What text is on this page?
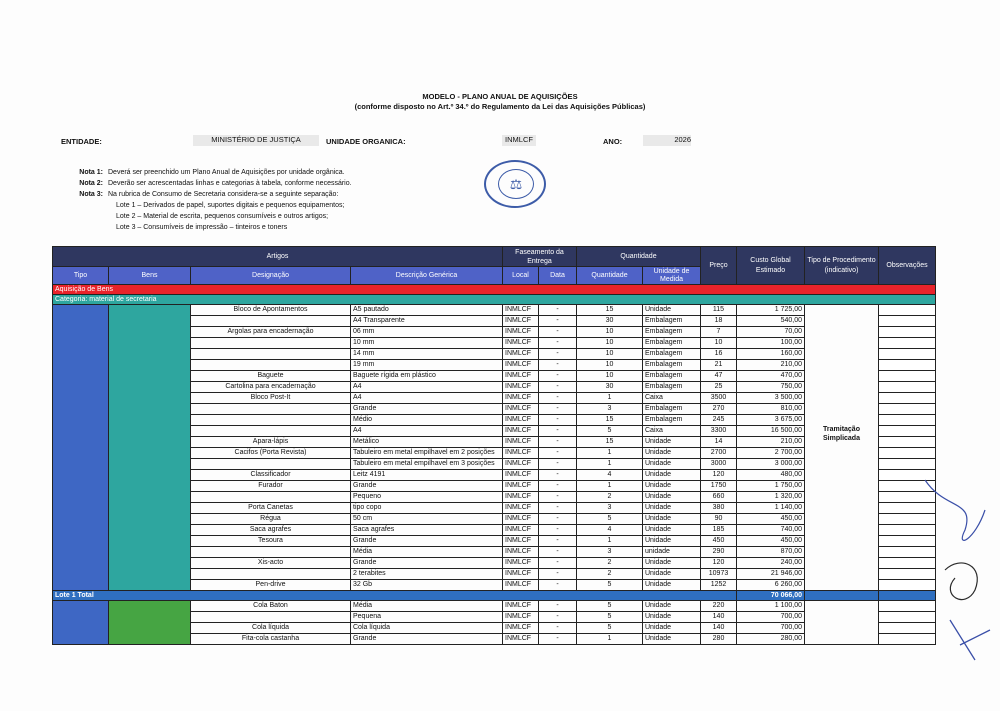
MODELO - PLANO ANUAL DE AQUISIÇÕES
(conforme disposto no Art.º 34.º do Regulamento da Lei das Aquisições Públicas)
ENTIDADE:	MINISTÉRIO DE JUSTIÇA	UNIDADE ORGANICA:	INMLCF	ANO:	2026
Nota 1: Deverá ser preenchido um Plano Anual de Aquisições por unidade orgânica.
Nota 2: Deverão ser acrescentadas linhas e categorias à tabela, conforme necessário.
Nota 3: Na rubrica de Consumo de Secretaria considera-se a seguinte separação:
Lote 1 – Derivados de papel, suportes digitais e pequenos equipamentos;
Lote 2 – Material de escrita, pequenos consumíveis e outros artigos;
Lote 3 – Consumíveis de impressão – tinteiros e toners
⚖
Artigos				Faseamento da Entrega		Quantidade		Preço	Custo Global Estimado	Tipo de Procedimento (indicativo)	Observações
Tipo	Bens	Designação	Descrição Genérica	Local	Data	Quantidade	Unidade de Medida				
Aquisição de Bens											
Categoria: material de secretaria											
		Bloco de Apontamentos	A5 pautado	INMLCF	-	15	Unidade	115	1 725,00	Tramitação Simplicada	
			A4 Transparente	INMLCF	-	30	Embalagem	18	540,00		
		Argolas para encadernação	06 mm	INMLCF	-	10	Embalagem	7	70,00		
			10 mm	INMLCF	-	10	Embalagem	10	100,00		
			14 mm	INMLCF	-	10	Embalagem	16	160,00		
			19 mm	INMLCF	-	10	Embalagem	21	210,00		
		Baguete	Baguete rígida em plástico	INMLCF	-	10	Embalagem	47	470,00		
		Cartolina para encadernação	A4	INMLCF	-	30	Embalagem	25	750,00		
		Bloco Post-It	A4	INMLCF	-	1	Caixa	3500	3 500,00		
			Grande	INMLCF	-	3	Embalagem	270	810,00		
			Médio	INMLCF	-	15	Embalagem	245	3 675,00		
			A4	INMLCF	-	5	Caixa	3300	16 500,00		
		Apara-lápis	Metálico	INMLCF	-	15	Unidade	14	210,00		
		Cacifos (Porta Revista)	Tabuleiro em metal empilhavel em 2 posições	INMLCF	-	1	Unidade	2700	2 700,00		
			Tabuleiro em metal empilhavel em 3 posições	INMLCF	-	1	Unidade	3000	3 000,00		
		Classificador	Leitz 4191	INMLCF	-	4	Unidade	120	480,00		
		Furador	Grande	INMLCF	-	1	Unidade	1750	1 750,00		
			Pequeno	INMLCF	-	2	Unidade	660	1 320,00		
		Porta Canetas	tipo copo	INMLCF	-	3	Unidade	380	1 140,00		
		Régua	50 cm	INMLCF	-	5	Unidade	90	450,00		
		Saca agrafes	Saca agrafes	INMLCF	-	4	Unidade	185	740,00		
		Tesoura	Grande	INMLCF	-	1	Unidade	450	450,00		
			Média	INMLCF	-	3	unidade	290	870,00		
		Xis-acto	Grande	INMLCF	-	2	Unidade	120	240,00		
			2 terabites	INMLCF	-	2	Unidade	10973	21 946,00		
		Pen-drive	32 Gb	INMLCF	-	5	Unidade	1252	6 260,00		
Lote 1 Total									70 066,00		
		Cola Baton	Média	INMLCF	-	5	Unidade	220	1 100,00		
			Pequena	INMLCF	-	5	Unidade	140	700,00		
		Cola líquida	Cola líquida	INMLCF	-	5	Unidade	140	700,00		
		Fita-cola castanha	Grande	INMLCF	-	1	Unidade	280	280,00		
